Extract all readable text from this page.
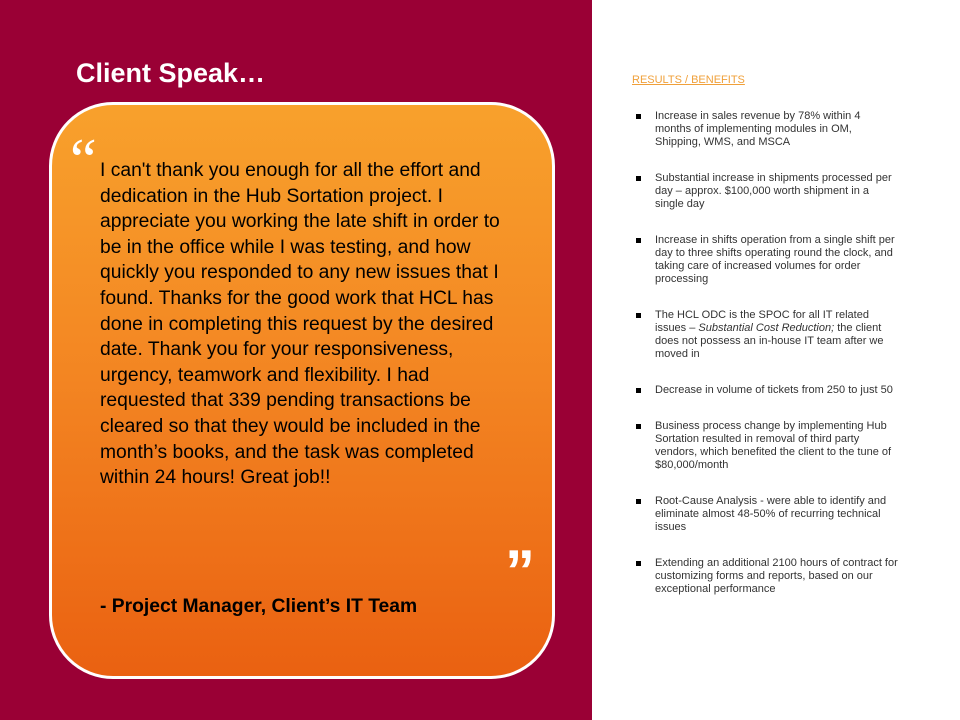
Client Speak…
“ I can't thank you enough for all the effort and dedication in the Hub Sortation project. I appreciate you working the late shift in order to be in the office while I was testing, and how quickly you responded to any new issues that I found. Thanks for the good work that HCL has done in completing this request by the desired date. Thank you for your responsiveness, urgency, teamwork and flexibility. I had requested that 339 pending transactions be cleared so that they would be included in the month’s books, and the task was completed within 24 hours! Great job!!

”

- Project Manager, Client’s IT Team

RESULTS / BENEFITS

Increase in sales revenue by 78% within 4 months of implementing modules in OM, Shipping, WMS, and MSCA
Substantial increase in shipments processed per day – approx. $100,000 worth shipment in a single day
Increase in shifts operation from a single shift per day to three shifts operating round the clock, and taking care of increased volumes for order processing
The HCL ODC is the SPOC for all IT related issues – Substantial Cost Reduction; the client does not possess an in-house IT team after we moved in
Decrease in volume of tickets from 250 to just 50
Business process change by implementing Hub Sortation resulted in removal of third party vendors, which benefited the client to the tune of $80,000/month
Root-Cause Analysis - were able to identify and eliminate almost 48-50% of recurring technical issues
Extending an additional 2100 hours of contract for customizing forms and reports, based on our exceptional performance
